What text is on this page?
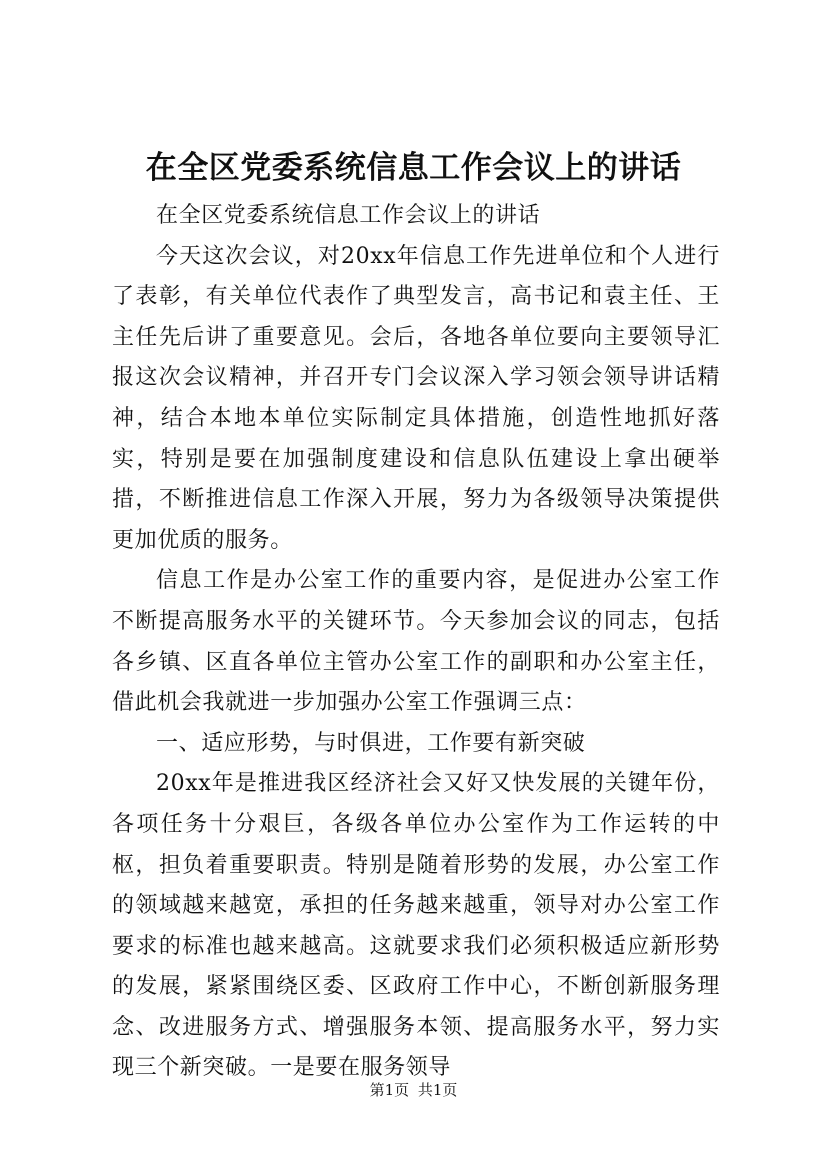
在全区党委系统信息工作会议上的讲话

在全区党委系统信息工作会议上的讲话

今天这次会议，对20xx年信息工作先进单位和个人进行了表彰，有关单位代表作了典型发言，高书记和袁主任、王主任先后讲了重要意见。会后，各地各单位要向主要领导汇报这次会议精神，并召开专门会议深入学习领会领导讲话精神，结合本地本单位实际制定具体措施，创造性地抓好落实，特别是要在加强制度建设和信息队伍建设上拿出硬举措，不断推进信息工作深入开展，努力为各级领导决策提供更加优质的服务。

信息工作是办公室工作的重要内容，是促进办公室工作不断提高服务水平的关键环节。今天参加会议的同志，包括各乡镇、区直各单位主管办公室工作的副职和办公室主任，借此机会我就进一步加强办公室工作强调三点：

一、适应形势，与时俱进，工作要有新突破

20xx年是推进我区经济社会又好又快发展的关键年份，各项任务十分艰巨，各级各单位办公室作为工作运转的中枢，担负着重要职责。特别是随着形势的发展，办公室工作的领域越来越宽，承担的任务越来越重，领导对办公室工作要求的标准也越来越高。这就要求我们必须积极适应新形势的发展，紧紧围绕区委、区政府工作中心，不断创新服务理念、改进服务方式、增强服务本领、提高服务水平，努力实现三个新突破。一是要在服务领导

第1页 共1页
